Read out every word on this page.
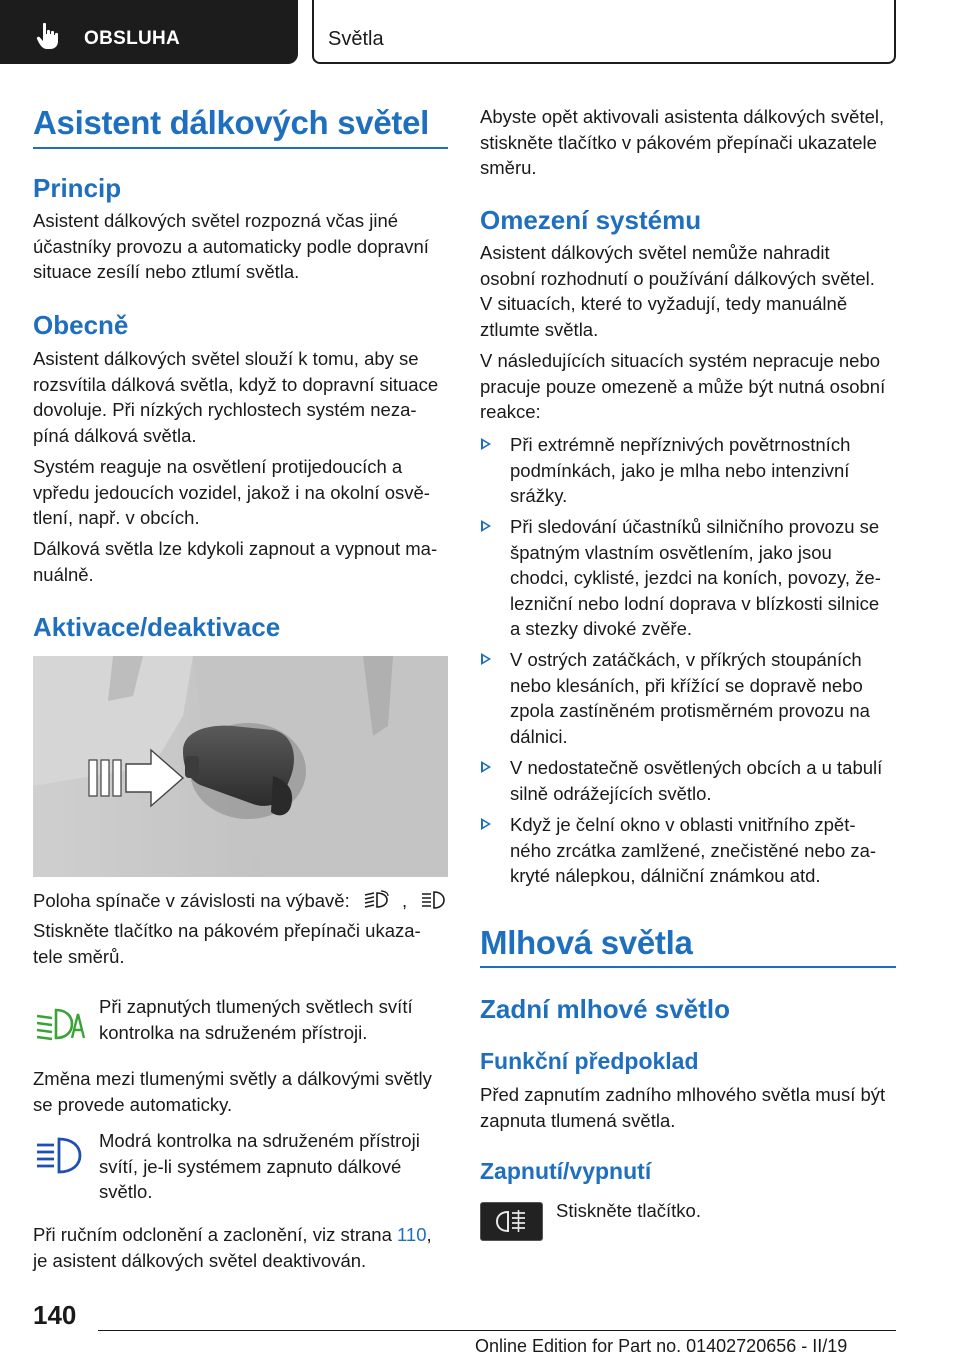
OBSLUHA	Světla
Asistent dálkových světel
Princip
Asistent dálkových světel rozpozná včas jiné
účastníky provozu a automaticky podle dopravní
situace zesílí nebo ztlumí světla.
Obecně
Asistent dálkových světel slouží k tomu, aby se
rozsvítila dálková světla, když to dopravní situace
dovoluje. Při nízkých rychlostech systém neza‐
píná dálková světla.
Systém reaguje na osvětlení protijedoucích a
vpředu jedoucích vozidel, jakož i na okolní osvě‐
tlení, např. v obcích.
Dálková světla lze kdykoli zapnout a vypnout ma‐
nuálně.
Aktivace/deaktivace
Poloha spínače v závislosti na výbavě:	,
Stiskněte tlačítko na pákovém přepínači ukaza‐
tele směrů.
Při zapnutých tlumených světlech svítí
kontrolka na sdruženém přístroji.
Změna mezi tlumenými světly a dálkovými světly
se provede automaticky.
Modrá kontrolka na sdruženém přístroji
svítí, je-li systémem zapnuto dálkové
světlo.
Při ručním odclonění a zaclonění, viz strana 110,
je asistent dálkových světel deaktivován.
Abyste opět aktivovali asistenta dálkových světel,
stiskněte tlačítko v pákovém přepínači ukazatele
směru.
Omezení systému
Asistent dálkových světel nemůže nahradit
osobní rozhodnutí o používání dálkových světel.
V situacích, které to vyžadují, tedy manuálně
ztlumte světla.
V následujících situacích systém nepracuje nebo
pracuje pouze omezeně a může být nutná osobní
reakce:
Při extrémně nepříznivých povětrnostních
podmínkách, jako je mlha nebo intenzivní
srážky.
Při sledování účastníků silničního provozu se
špatným vlastním osvětlením, jako jsou
chodci, cyklisté, jezdci na koních, povozy, že‐
lezniční nebo lodní doprava v blízkosti silnice
a stezky divoké zvěře.
V ostrých zatáčkách, v příkrých stoupáních
nebo klesáních, při křížící se dopravě nebo
zpola zastíněném protisměrném provozu na
dálnici.
V nedostatečně osvětlených obcích a u tabulí
silně odrážejících světlo.
Když je čelní okno v oblasti vnitřního zpět‐
ného zrcátka zamlžené, znečistěné nebo za‐
kryté nálepkou, dálniční známkou atd.
Mlhová světla
Zadní mlhové světlo
Funkční předpoklad
Před zapnutím zadního mlhového světla musí být
zapnuta tlumená světla.
Zapnutí/vypnutí
Stiskněte tlačítko.
140
Online Edition for Part no. 01402720656 - II/19
